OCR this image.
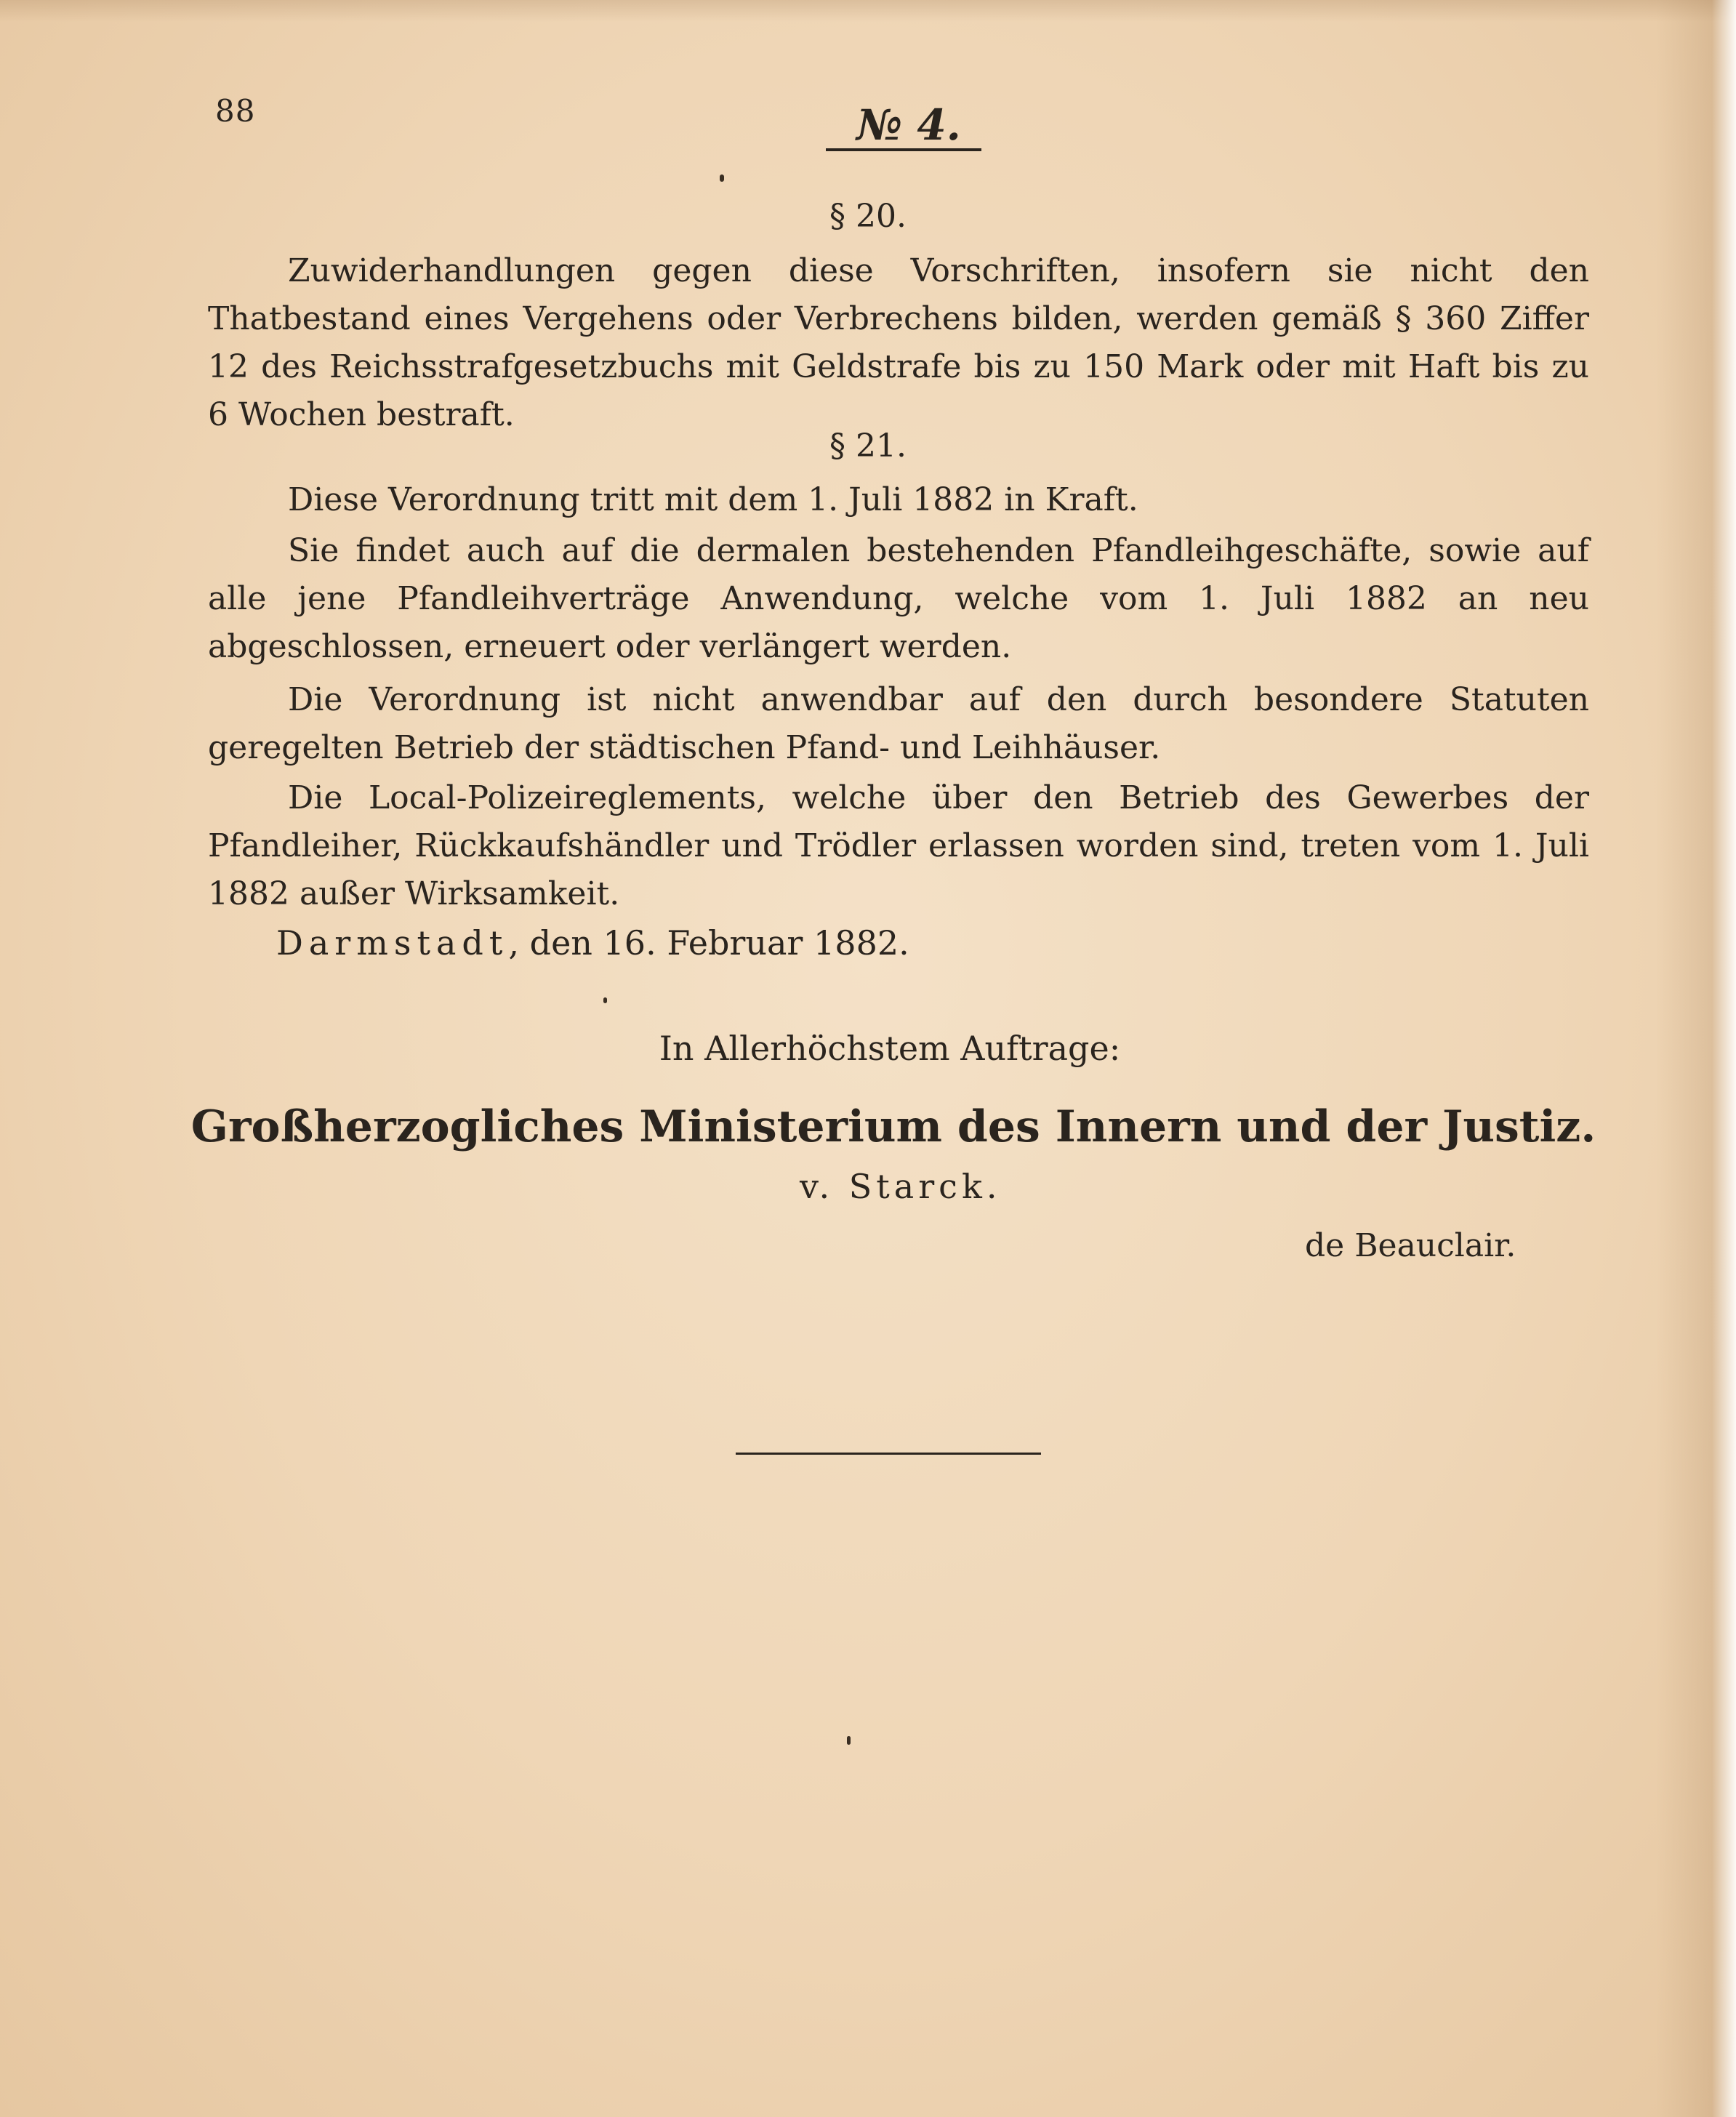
88	№ 4.
§ 20.
Zuwiderhandlungen gegen diese Vorschriften, insofern sie nicht den Thatbestand eines Vergehens oder Verbrechens bilden, werden gemäß § 360 Ziffer 12 des Reichsstrafgesetzbuchs mit Geldstrafe bis zu 150 Mark oder mit Haft bis zu 6 Wochen bestraft.
§ 21.
Diese Verordnung tritt mit dem 1. Juli 1882 in Kraft.
Sie findet auch auf die dermalen bestehenden Pfandleihgeschäfte, sowie auf alle jene Pfandleihverträge Anwendung, welche vom 1. Juli 1882 an neu abgeschlossen, erneuert oder verlängert werden.
Die Verordnung ist nicht anwendbar auf den durch besondere Statuten geregelten Betrieb der städtischen Pfand- und Leihhäuser.
Die Local-Polizeireglements, welche über den Betrieb des Gewerbes der Pfandleiher, Rückkaufshändler und Trödler erlassen worden sind, treten vom 1. Juli 1882 außer Wirksamkeit.
Darmstadt, den 16. Februar 1882.
In Allerhöchstem Auftrage:
Großherzogliches Ministerium des Innern und der Justiz.
v. Starck.
de Beauclair.
